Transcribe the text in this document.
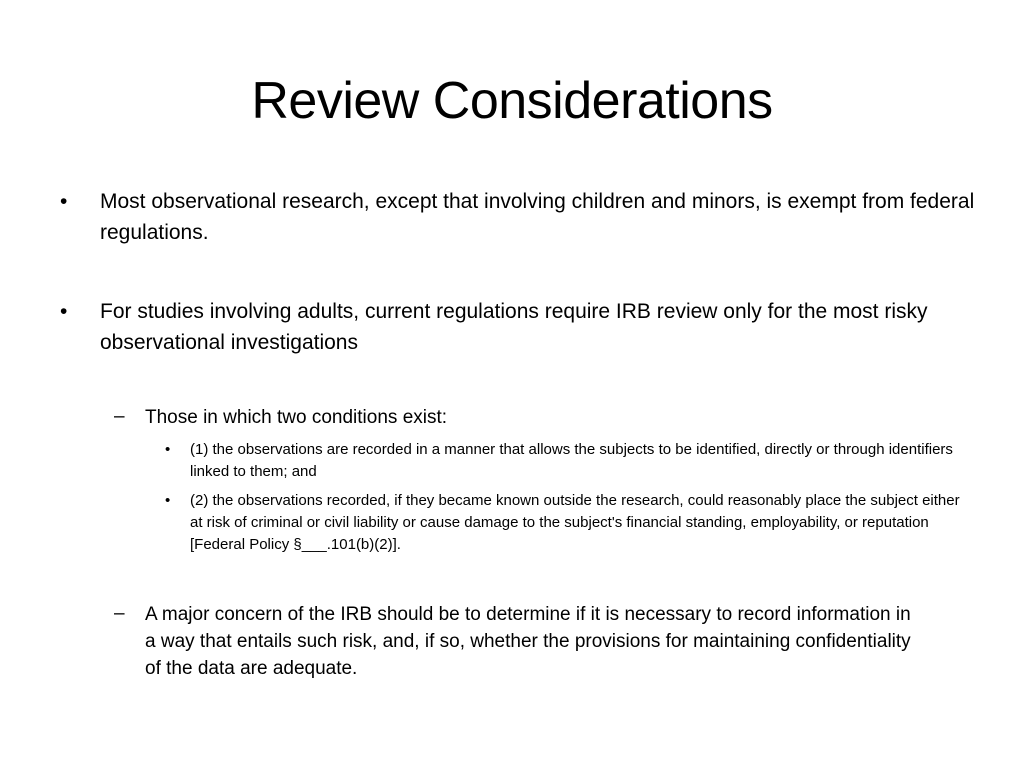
Review Considerations
• Most observational research, except that involving children and minors, is exempt from federal regulations.
• For studies involving adults, current regulations require IRB review only for the most risky observational investigations
– Those in which two conditions exist:
• (1) the observations are recorded in a manner that allows the subjects to be identified, directly or through identifiers linked to them; and
• (2) the observations recorded, if they became known outside the research, could reasonably place the subject either at risk of criminal or civil liability or cause damage to the subject's financial standing, employability, or reputation [Federal Policy §___.101(b)(2)].
– A major concern of the IRB should be to determine if it is necessary to record information in a way that entails such risk, and, if so, whether the provisions for maintaining confidentiality of the data are adequate.
